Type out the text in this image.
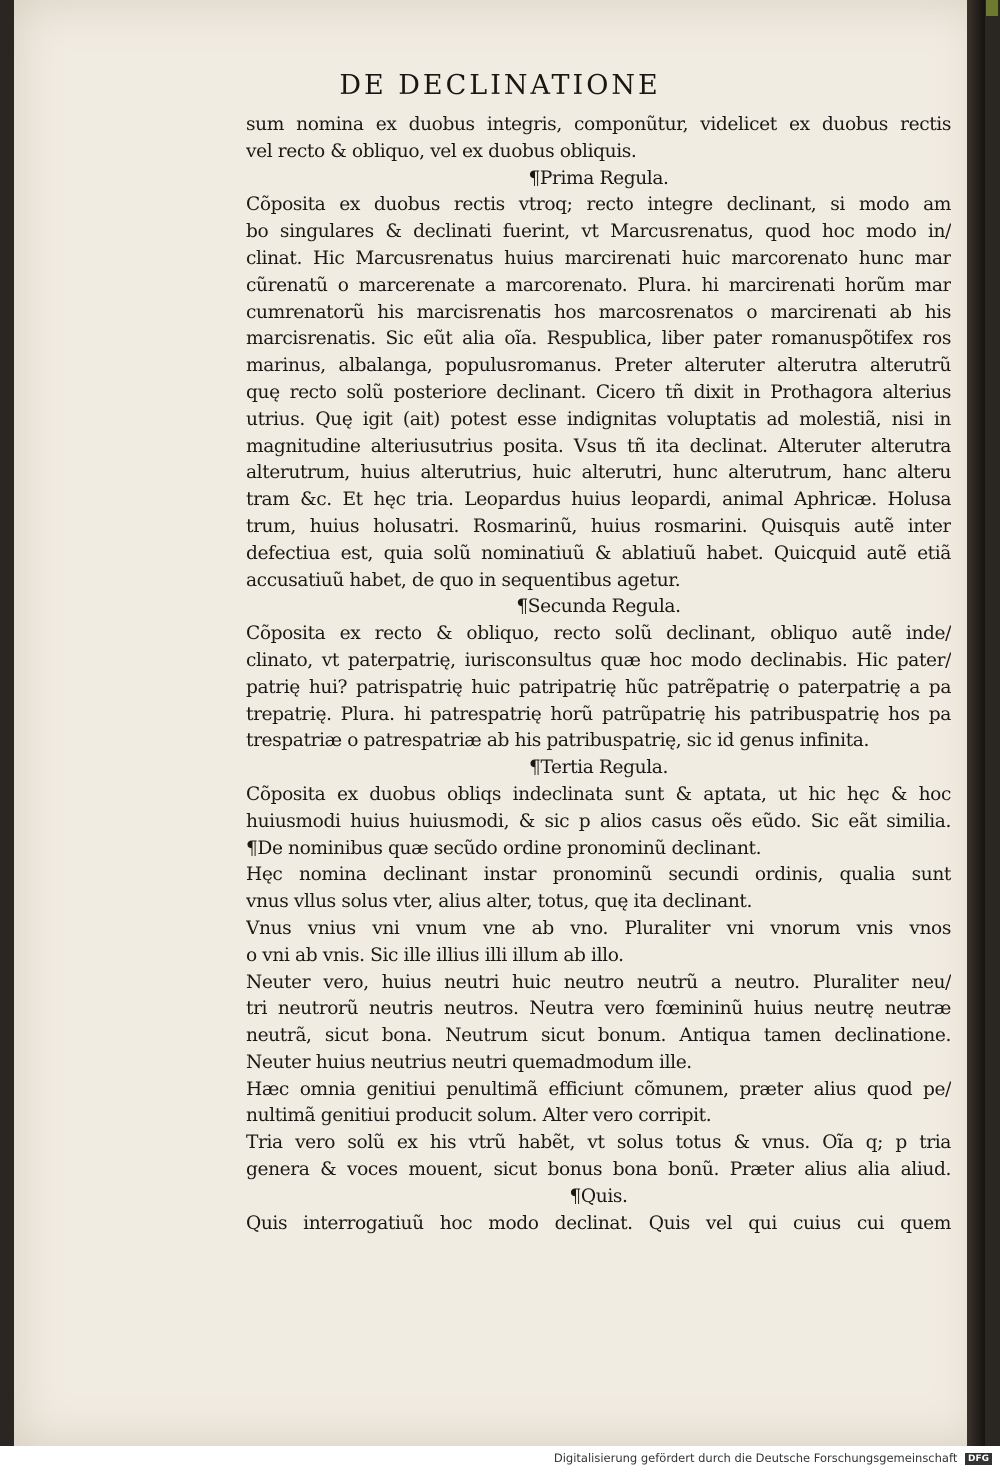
DE DECLINATIONE
sum nomina ex duobus integris, componũtur, videlicet ex duobus rectis
vel recto & obliquo, vel ex duobus obliquis.
¶Prima Regula.
Cõposita ex duobus rectis vtroq; recto integre declinant, si modo am
bo singulares & declinati fuerint, vt Marcusrenatus, quod hoc modo in/
clinat. Hic Marcusrenatus huius marcirenati huic marcorenato hunc mar
cũrenatũ o marcerenate a marcorenato. Plura. hi marcirenati horũm mar
cumrenatorũ his marcisrenatis hos marcosrenatos o marcirenati ab his
marcisrenatis. Sic eũt alia oĩa. Respublica, liber pater romanuspõtifex ros
marinus, albalanga, populusromanus. Preter alteruter alterutra alterutrũ
quę recto solũ posteriore declinant. Cicero tñ dixit in Prothagora alterius
utrius. Quę igit (ait) potest esse indignitas voluptatis ad molestiã, nisi in
magnitudine alteriusutrius posita. Vsus tñ ita declinat. Alteruter alterutra
alterutrum, huius alterutrius, huic alterutri, hunc alterutrum, hanc alteru
tram &c. Et hęc tria. Leopardus huius leopardi, animal Aphricæ. Holusa
trum, huius holusatri. Rosmarinũ, huius rosmarini. Quisquis autẽ inter
defectiua est, quia solũ nominatiuũ & ablatiuũ habet. Quicquid autẽ etiã
accusatiuũ habet, de quo in sequentibus agetur.
¶Secunda Regula.
Cõposita ex recto & obliquo, recto solũ declinant, obliquo autẽ inde/
clinato, vt paterpatrię, iurisconsultus quæ hoc modo declinabis. Hic pater/
patrię hui? patrispatrię huic patripatrię hũc patrẽpatrię o paterpatrię a pa
trepatrię. Plura. hi patrespatrię horũ patrũpatrię his patribuspatrię hos pa
trespatriæ o patrespatriæ ab his patribuspatrię, sic id genus infinita.
¶Tertia Regula.
Cõposita ex duobus obliqs indeclinata sunt & aptata, ut hic hęc & hoc
huiusmodi huius huiusmodi, & sic p alios casus oẽs eũdo. Sic eãt similia.
¶De nominibus quæ secũdo ordine pronominũ declinant.
Hęc nomina declinant instar pronominũ secundi ordinis, qualia sunt
vnus vllus solus vter, alius alter, totus, quę ita declinant.
Vnus vnius vni vnum vne ab vno. Pluraliter vni vnorum vnis vnos
o vni ab vnis. Sic ille illius illi illum ab illo.
Neuter vero, huius neutri huic neutro neutrũ a neutro. Pluraliter neu/
tri neutrorũ neutris neutros. Neutra vero fœmininũ huius neutrę neutræ
neutrã, sicut bona. Neutrum sicut bonum. Antiqua tamen declinatione.
Neuter huius neutrius neutri quemadmodum ille.
Hæc omnia genitiui penultimã efficiunt cõmunem, præter alius quod pe/
nultimã genitiui producit solum. Alter vero corripit.
Tria vero solũ ex his vtrũ habẽt, vt solus totus & vnus. Oĩa q; p tria
genera & voces mouent, sicut bonus bona bonũ. Præter alius alia aliud.
¶Quis.
Quis interrogatiuũ hoc modo declinat. Quis vel qui cuius cui quem
Digitalisierung gefördert durch die Deutsche Forschungsgemeinschaft DFG
